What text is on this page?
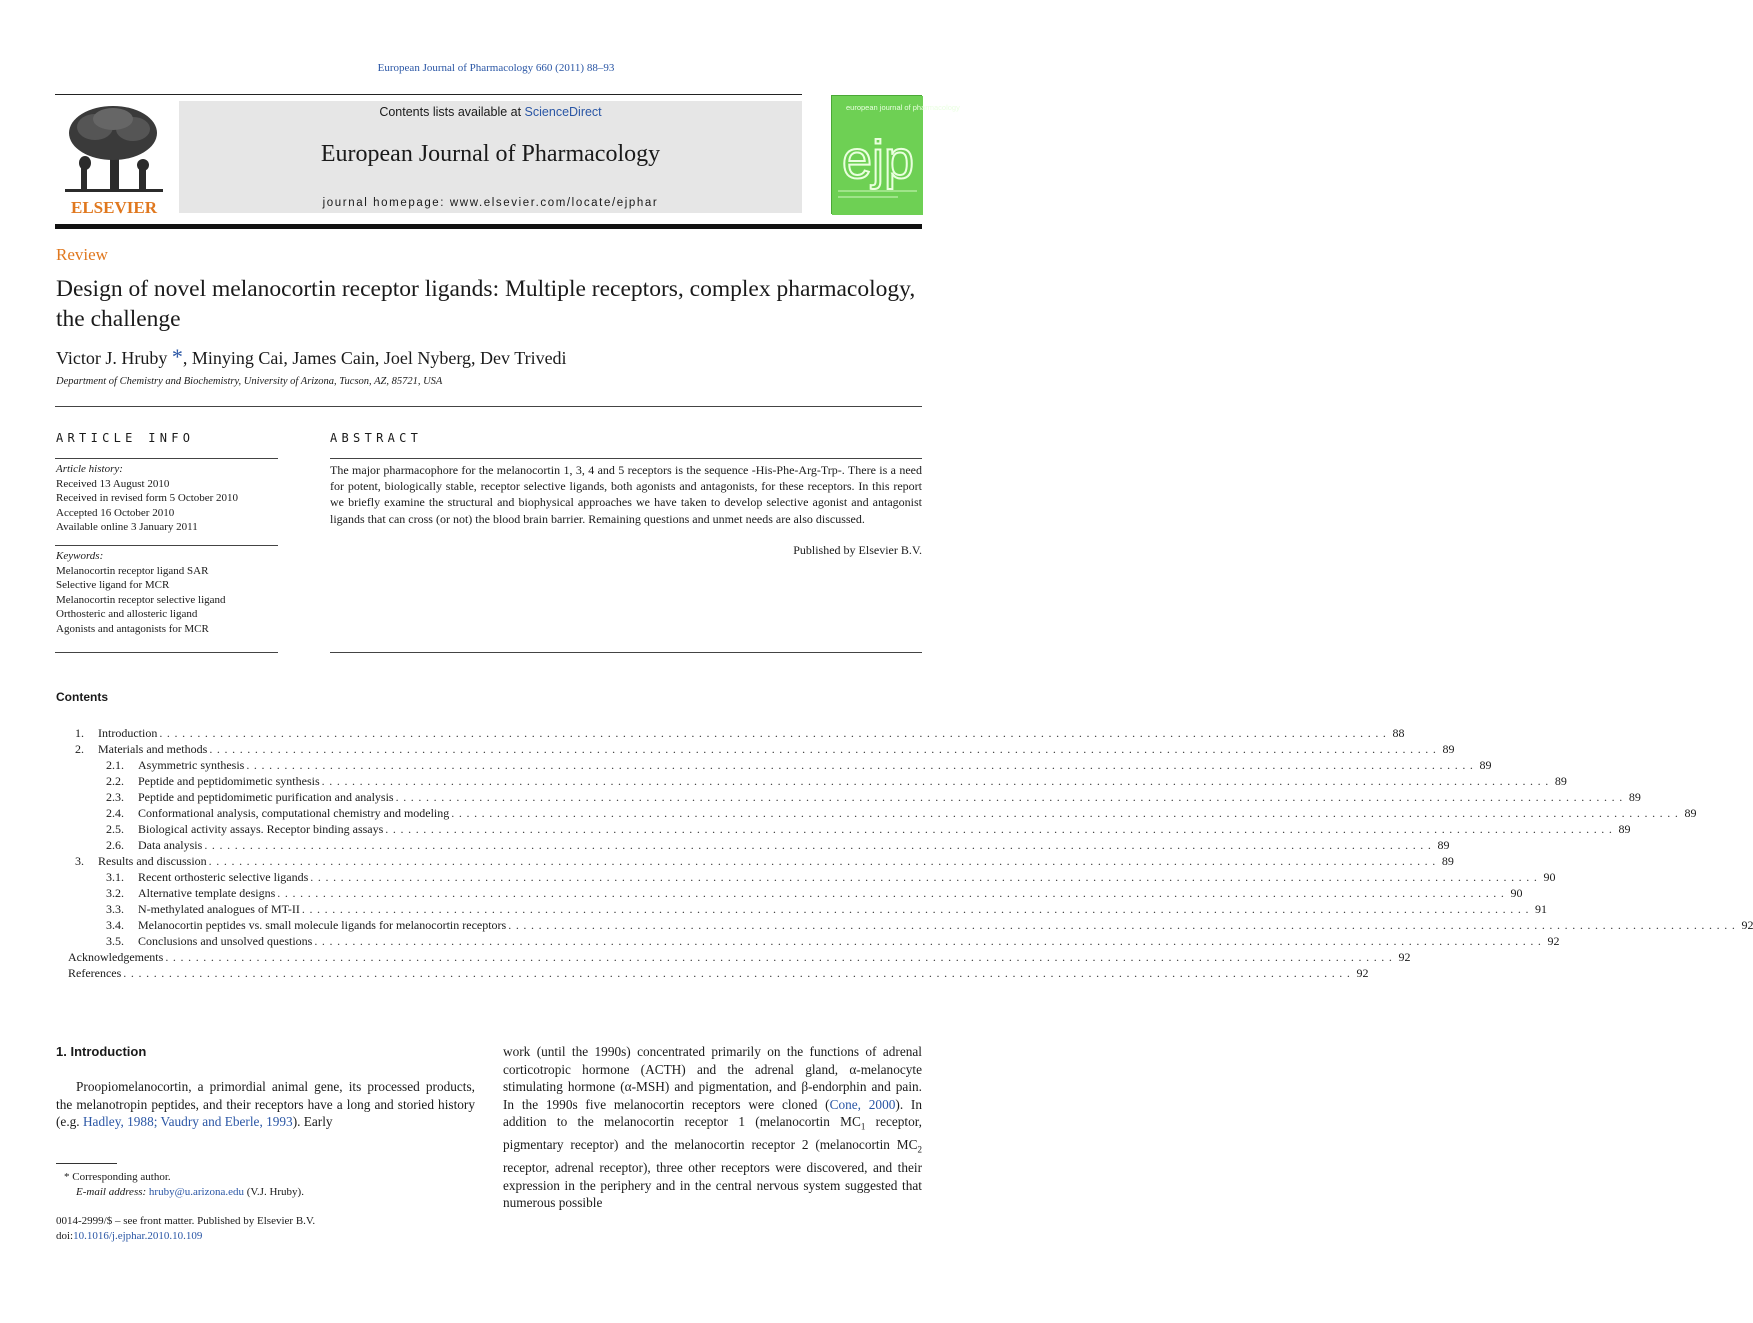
European Journal of Pharmacology 660 (2011) 88–93
ELSEVIER
Contents lists available at ScienceDirect
European Journal of Pharmacology
journal homepage: www.elsevier.com/locate/ejphar
european journal of pharmacology
ejp
Review
Design of novel melanocortin receptor ligands: Multiple receptors, complex pharmacology, the challenge
Victor J. Hruby *, Minying Cai, James Cain, Joel Nyberg, Dev Trivedi
Department of Chemistry and Biochemistry, University of Arizona, Tucson, AZ, 85721, USA
ARTICLE INFO	ABSTRACT
Article history:
Received 13 August 2010
Received in revised form 5 October 2010
Accepted 16 October 2010
Available online 3 January 2011
Keywords:
Melanocortin receptor ligand SAR
Selective ligand for MCR
Melanocortin receptor selective ligand
Orthosteric and allosteric ligand
Agonists and antagonists for MCR
The major pharmacophore for the melanocortin 1, 3, 4 and 5 receptors is the sequence -His-Phe-Arg-Trp-. There is a need for potent, biologically stable, receptor selective ligands, both agonists and antagonists, for these receptors. In this report we briefly examine the structural and biophysical approaches we have taken to develop selective agonist and antagonist ligands that can cross (or not) the blood brain barrier. Remaining questions and unmet needs are also discussed.
Published by Elsevier B.V.
Contents
1.	Introduction .................................................................................................................................................................. 88
2.	Materials and methods .................................................................................................................................................................. 89
2.1.	Asymmetric synthesis .................................................................................................................................................................. 89
2.2.	Peptide and peptidomimetic synthesis .................................................................................................................................................................. 89
2.3.	Peptide and peptidomimetic purification and analysis .................................................................................................................................................................. 89
2.4.	Conformational analysis, computational chemistry and modeling .................................................................................................................................................................. 89
2.5.	Biological activity assays. Receptor binding assays .................................................................................................................................................................. 89
2.6.	Data analysis .................................................................................................................................................................. 89
3.	Results and discussion .................................................................................................................................................................. 89
3.1.	Recent orthosteric selective ligands .................................................................................................................................................................. 90
3.2.	Alternative template designs .................................................................................................................................................................. 90
3.3.	N-methylated analogues of MT-II .................................................................................................................................................................. 91
3.4.	Melanocortin peptides vs. small molecule ligands for melanocortin receptors .................................................................................................................................................................. 92
3.5.	Conclusions and unsolved questions .................................................................................................................................................................. 92
Acknowledgements .................................................................................................................................................................. 92
References .................................................................................................................................................................. 92
1. Introduction
Proopiomelanocortin, a primordial animal gene, its processed products, the melanotropin peptides, and their receptors have a long and storied history (e.g. Hadley, 1988; Vaudry and Eberle, 1993). Early
* Corresponding author.
E-mail address: hruby@u.arizona.edu (V.J. Hruby).
0014-2999/$ – see front matter. Published by Elsevier B.V.
doi:10.1016/j.ejphar.2010.10.109
work (until the 1990s) concentrated primarily on the functions of adrenal corticotropic hormone (ACTH) and the adrenal gland, α-melanocyte stimulating hormone (α-MSH) and pigmentation, and β-endorphin and pain. In the 1990s five melanocortin receptors were cloned (Cone, 2000). In addition to the melanocortin receptor 1 (melanocortin $MC_1$ receptor, pigmentary receptor) and the melanocortin receptor 2 (melanocortin $MC_2$ receptor, adrenal receptor), three other receptors were discovered, and their expression in the periphery and in the central nervous system suggested that numerous possible
